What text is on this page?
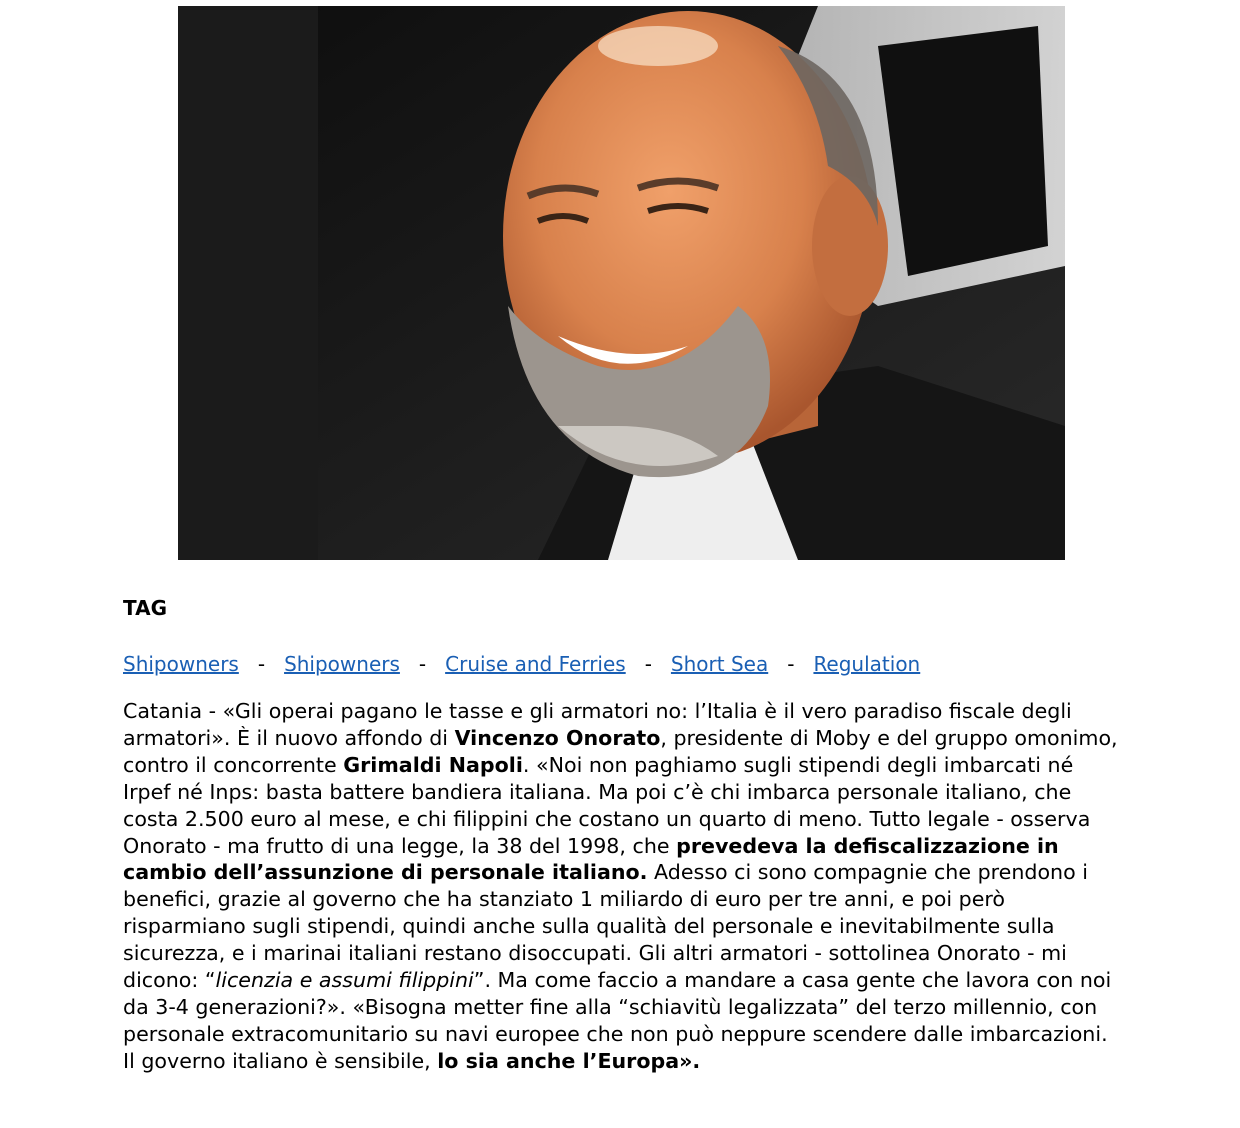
TAG
Shipowners - Shipowners - Cruise and Ferries - Short Sea - Regulation

Catania - «Gli operai pagano le tasse e gli armatori no: l’Italia è il vero paradiso fiscale degli armatori». È il nuovo affondo di Vincenzo Onorato, presidente di Moby e del gruppo omonimo, contro il concorrente Grimaldi Napoli. «Noi non paghiamo sugli stipendi degli imbarcati né Irpef né Inps: basta battere bandiera italiana. Ma poi c’è chi imbarca personale italiano, che costa 2.500 euro al mese, e chi filippini che costano un quarto di meno. Tutto legale - osserva Onorato - ma frutto di una legge, la 38 del 1998, che prevedeva la defiscalizzazione in cambio dell’assunzione di personale italiano. Adesso ci sono compagnie che prendono i benefici, grazie al governo che ha stanziato 1 miliardo di euro per tre anni, e poi però risparmiano sugli stipendi, quindi anche sulla qualità del personale e inevitabilmente sulla sicurezza, e i marinai italiani restano disoccupati. Gli altri armatori - sottolinea Onorato - mi dicono: “licenzia e assumi filippini”. Ma come faccio a mandare a casa gente che lavora con noi da 3-4 generazioni?». «Bisogna metter fine alla “schiavitù legalizzata” del terzo millennio, con personale extracomunitario su navi europee che non può neppure scendere dalle imbarcazioni. Il governo italiano è sensibile, lo sia anche l’Europa».
